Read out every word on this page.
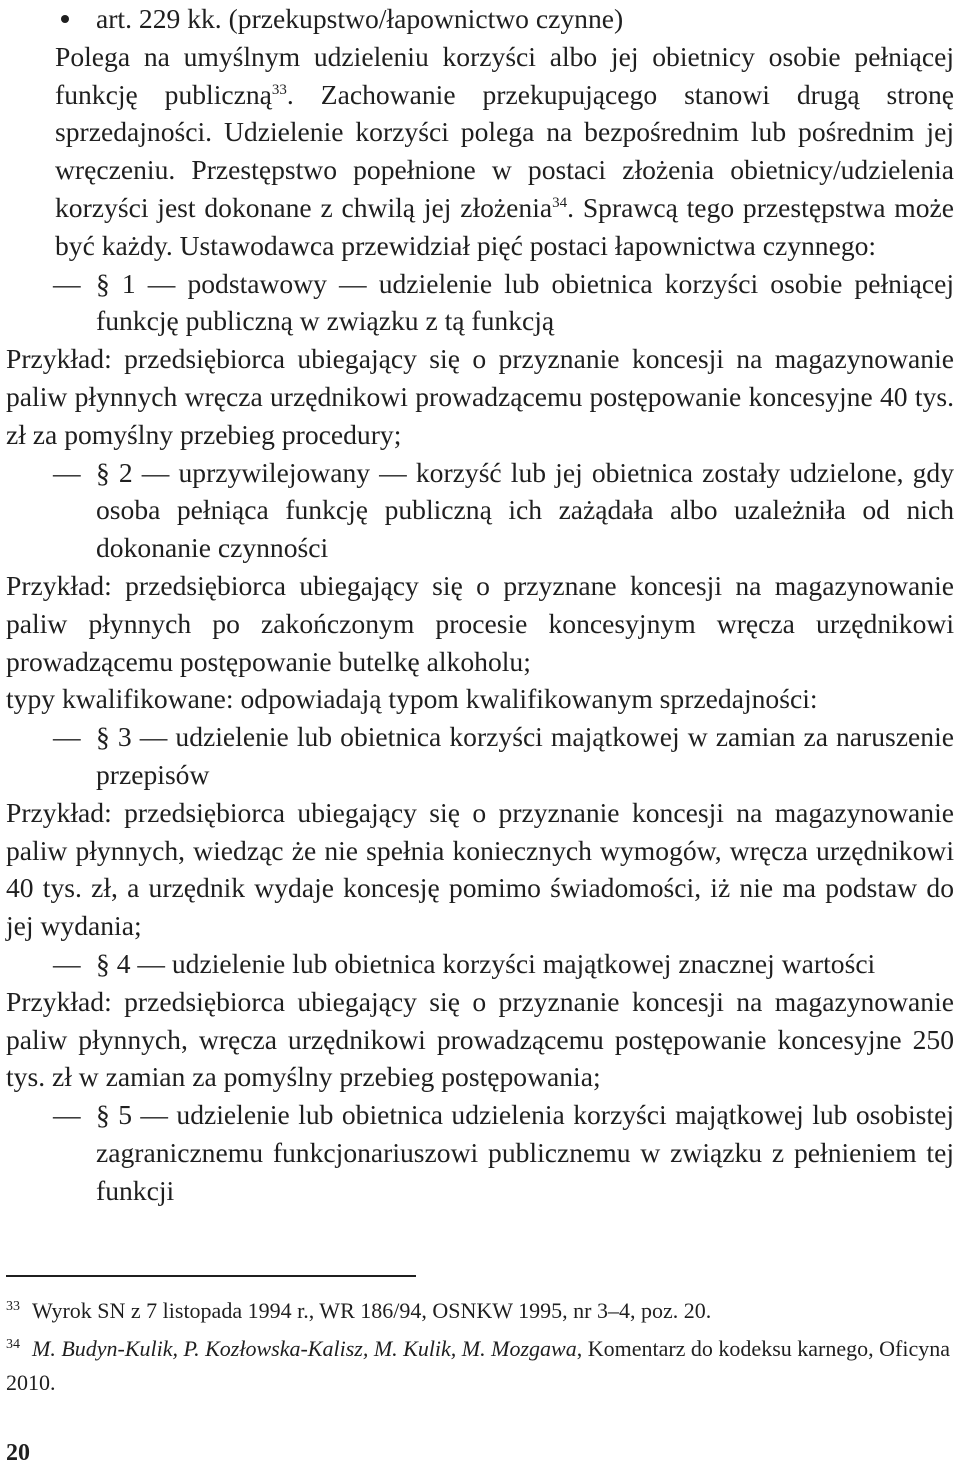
art. 229 kk. (przekupstwo/łapownictwo czynne)

Polega na umyślnym udzieleniu korzyści albo jej obietnicy osobie pełniącej funkcję publiczną$^{33}$. Zachowanie przekupującego stanowi drugą stronę sprzedajności. Udzielenie korzyści polega na bezpośrednim lub pośrednim jej wręczeniu. Przestępstwo popełnione w postaci złożenia obietnicy/udzielenia korzyści jest dokonane z chwilą jej złożenia$^{34}$. Sprawcą tego przestępstwa może być każdy. Ustawodawca przewidział pięć postaci łapownictwa czynnego:

— § 1 — podstawowy — udzielenie lub obietnica korzyści osobie pełniącej funkcję publiczną w związku z tą funkcją

Przykład: przedsiębiorca ubiegający się o przyznanie koncesji na magazynowanie paliw płynnych wręcza urzędnikowi prowadzącemu postępowanie koncesyjne 40 tys. zł za pomyślny przebieg procedury;

— § 2 — uprzywilejowany — korzyść lub jej obietnica zostały udzielone, gdy osoba pełniąca funkcję publiczną ich zażądała albo uzależniła od nich dokonanie czynności

Przykład: przedsiębiorca ubiegający się o przyznane koncesji na magazynowanie paliw płynnych po zakończonym procesie koncesyjnym wręcza urzędnikowi prowadzącemu postępowanie butelkę alkoholu;

typy kwalifikowane: odpowiadają typom kwalifikowanym sprzedajności:

— § 3 — udzielenie lub obietnica korzyści majątkowej w zamian za naruszenie przepisów

Przykład: przedsiębiorca ubiegający się o przyznanie koncesji na magazynowanie paliw płynnych, wiedząc że nie spełnia koniecznych wymogów, wręcza urzędnikowi 40 tys. zł, a urzędnik wydaje koncesję pomimo świadomości, iż nie ma podstaw do jej wydania;

— § 4 — udzielenie lub obietnica korzyści majątkowej znacznej wartości

Przykład: przedsiębiorca ubiegający się o przyznanie koncesji na magazynowanie paliw płynnych, wręcza urzędnikowi prowadzącemu postępowanie koncesyjne 250 tys. zł w zamian za pomyślny przebieg postępowania;

— § 5 — udzielenie lub obietnica udzielenia korzyści majątkowej lub osobistej zagranicznemu funkcjonariuszowi publicznemu w związku z pełnieniem tej funkcji

$^{33}$ Wyrok SN z 7 listopada 1994 r., WR 186/94, OSNKW 1995, nr 3–4, poz. 20.

$^{34}$ M. Budyn-Kulik, P. Kozłowska-Kalisz, M. Kulik, M. Mozgawa, Komentarz do kodeksu karnego, Oficyna 2010.

20
